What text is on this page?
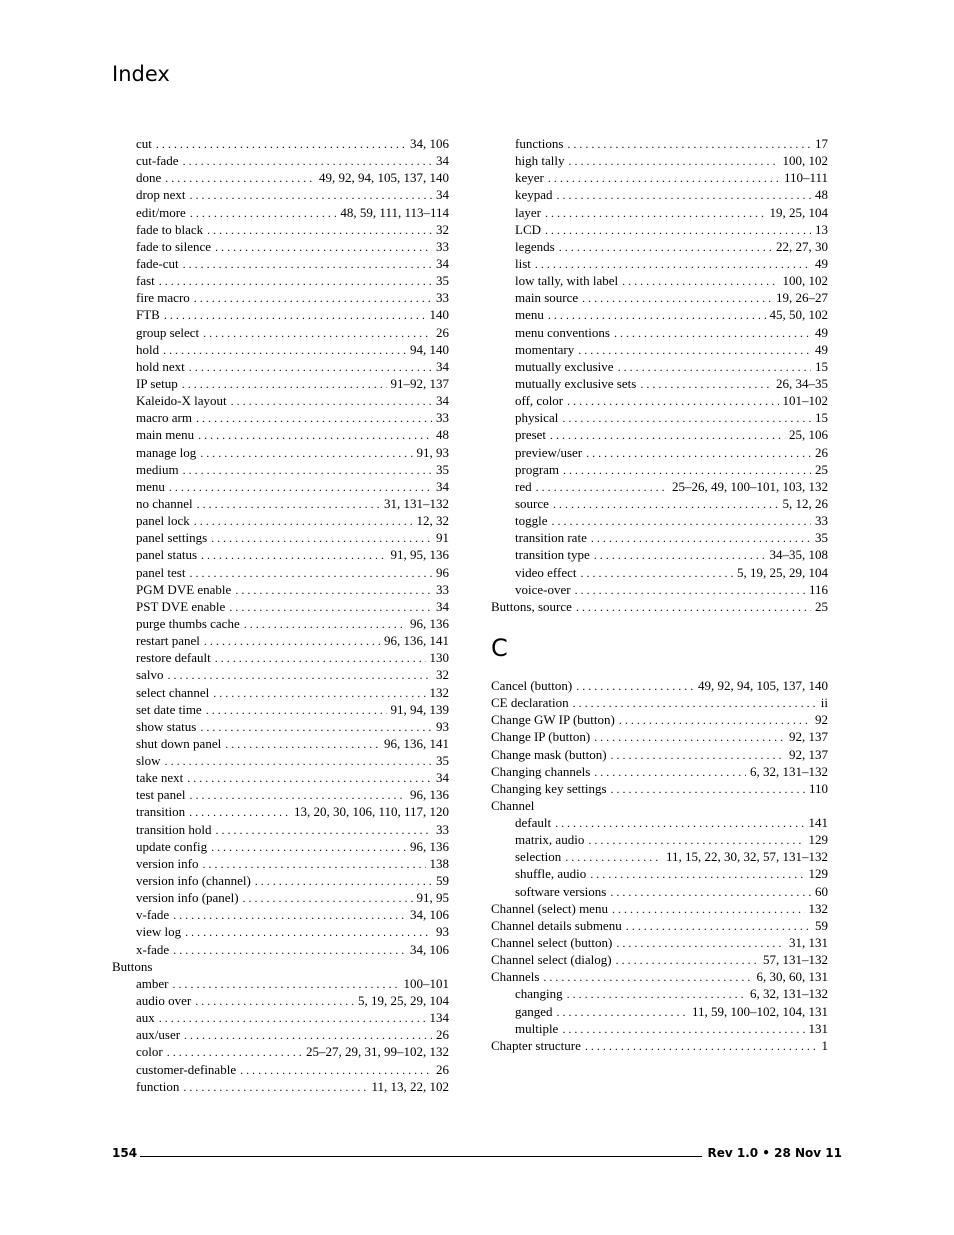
Index
cut . . .	34, 106
cut-fade . . .	34
done . . .	49, 92, 94, 105, 137, 140
drop next . . .	34
edit/more . . .	48, 59, 111, 113–114
fade to black . . .	32
fade to silence . . .	33
fade-cut . . .	34
fast . . .	35
fire macro . . .	33
FTB . . .	140
group select . . .	26
hold . . .	94, 140
hold next . . .	34
IP setup . . .	91–92, 137
Kaleido-X layout . . .	34
macro arm . . .	33
main menu . . .	48
manage log . . .	91, 93
medium . . .	35
menu . . .	34
no channel . . .	31, 131–132
panel lock . . .	12, 32
panel settings . . .	91
panel status . . .	91, 95, 136
panel test . . .	96
PGM DVE enable . . .	33
PST DVE enable . . .	34
purge thumbs cache . . .	96, 136
restart panel . . .	96, 136, 141
restore default . . .	130
salvo . . .	32
select channel . . .	132
set date time . . .	91, 94, 139
show status . . .	93
shut down panel . . .	96, 136, 141
slow . . .	35
take next . . .	34
test panel . . .	96, 136
transition . . .	13, 20, 30, 106, 110, 117, 120
transition hold . . .	33
update config . . .	96, 136
version info . . .	138
version info (channel) . . .	59
version info (panel) . . .	91, 95
v-fade . . .	34, 106
view log . . .	93
x-fade . . .	34, 106
Buttons
amber . . .	100–101
audio over . . .	5, 19, 25, 29, 104
aux . . .	134
aux/user . . .	26
color . . .	25–27, 29, 31, 99–102, 132
customer-definable . . .	26
function . . .	11, 13, 22, 102
functions . . .	17
high tally . . .	100, 102
keyer . . .	110–111
keypad . . .	48
layer . . .	19, 25, 104
LCD . . .	13
legends . . .	22, 27, 30
list . . .	49
low tally, with label . . .	100, 102
main source . . .	19, 26–27
menu . . .	45, 50, 102
menu conventions . . .	49
momentary . . .	49
mutually exclusive . . .	15
mutually exclusive sets . . .	26, 34–35
off, color . . .	101–102
physical . . .	15
preset . . .	25, 106
preview/user . . .	26
program . . .	25
red . . .	25–26, 49, 100–101, 103, 132
source . . .	5, 12, 26
toggle . . .	33
transition rate . . .	35
transition type . . .	34–35, 108
video effect . . .	5, 19, 25, 29, 104
voice-over . . .	116
Buttons, source . . .	25
C
Cancel (button) . . .	49, 92, 94, 105, 137, 140
CE declaration . . .	ii
Change GW IP (button) . . .	92
Change IP (button) . . .	92, 137
Change mask (button) . . .	92, 137
Changing channels . . .	6, 32, 131–132
Changing key settings . . .	110
Channel
default . . .	141
matrix, audio . . .	129
selection . . .	11, 15, 22, 30, 32, 57, 131–132
shuffle, audio . . .	129
software versions . . .	60
Channel (select) menu . . .	132
Channel details submenu . . .	59
Channel select (button) . . .	31, 131
Channel select (dialog) . . .	57, 131–132
Channels . . .	6, 30, 60, 131
changing . . .	6, 32, 131–132
ganged . . .	11, 59, 100–102, 104, 131
multiple . . .	131
Chapter structure . . .	1
154	Rev 1.0 • 28 Nov 11
